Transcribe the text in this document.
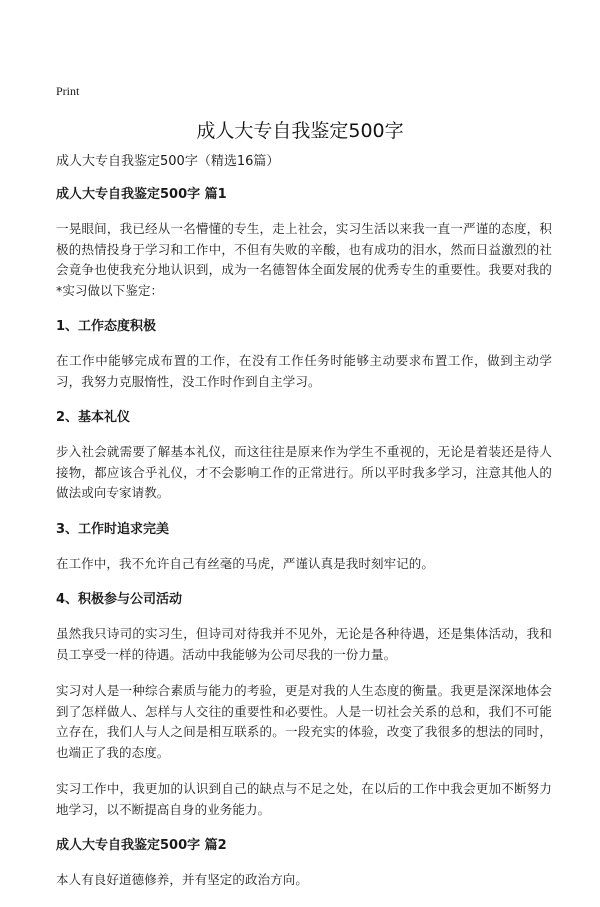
Print
成人大专自我鉴定500字

成人大专自我鉴定500字（精选16篇）

成人大专自我鉴定500字 篇1

一晃眼间，我已经从一名懵懂的专生，走上社会，实习生活以来我一直一严谨的态度，积极的热情投身于学习和工作中，不但有失败的辛酸，也有成功的泪水，然而日益激烈的社会竟争也使我充分地认识到，成为一名德智体全面发展的优秀专生的重要性。我要对我的*实习做以下鉴定：

1、工作态度积极

在工作中能够完成布置的工作，在没有工作任务时能够主动要求布置工作，做到主动学习，我努力克服惰性，没工作时作到自主学习。

2、基本礼仪

步入社会就需要了解基本礼仪，而这往往是原来作为学生不重视的，无论是着装还是待人接物，都应该合乎礼仪，才不会影响工作的正常进行。所以平时我多学习，注意其他人的做法或向专家请教。

3、工作时追求完美

在工作中，我不允许自己有丝毫的马虎，严谨认真是我时刻牢记的。

4、积极参与公司活动

虽然我只诗司的实习生，但诗司对待我并不见外，无论是各种待遇，还是集体活动，我和员工享受一样的待遇。活动中我能够为公司尽我的一份力量。

实习对人是一种综合素质与能力的考验，更是对我的人生态度的衡量。我更是深深地体会到了怎样做人、怎样与人交往的重要性和必要性。人是一切社会关系的总和，我们不可能立存在，我们人与人之间是相互联系的。一段充实的体验，改变了我很多的想法的同时，也端正了我的态度。

实习工作中，我更加的认识到自己的缺点与不足之处，在以后的工作中我会更加不断努力地学习，以不断提高自身的业务能力。

成人大专自我鉴定500字 篇2

本人有良好道德修养，并有坚定的政治方向。
